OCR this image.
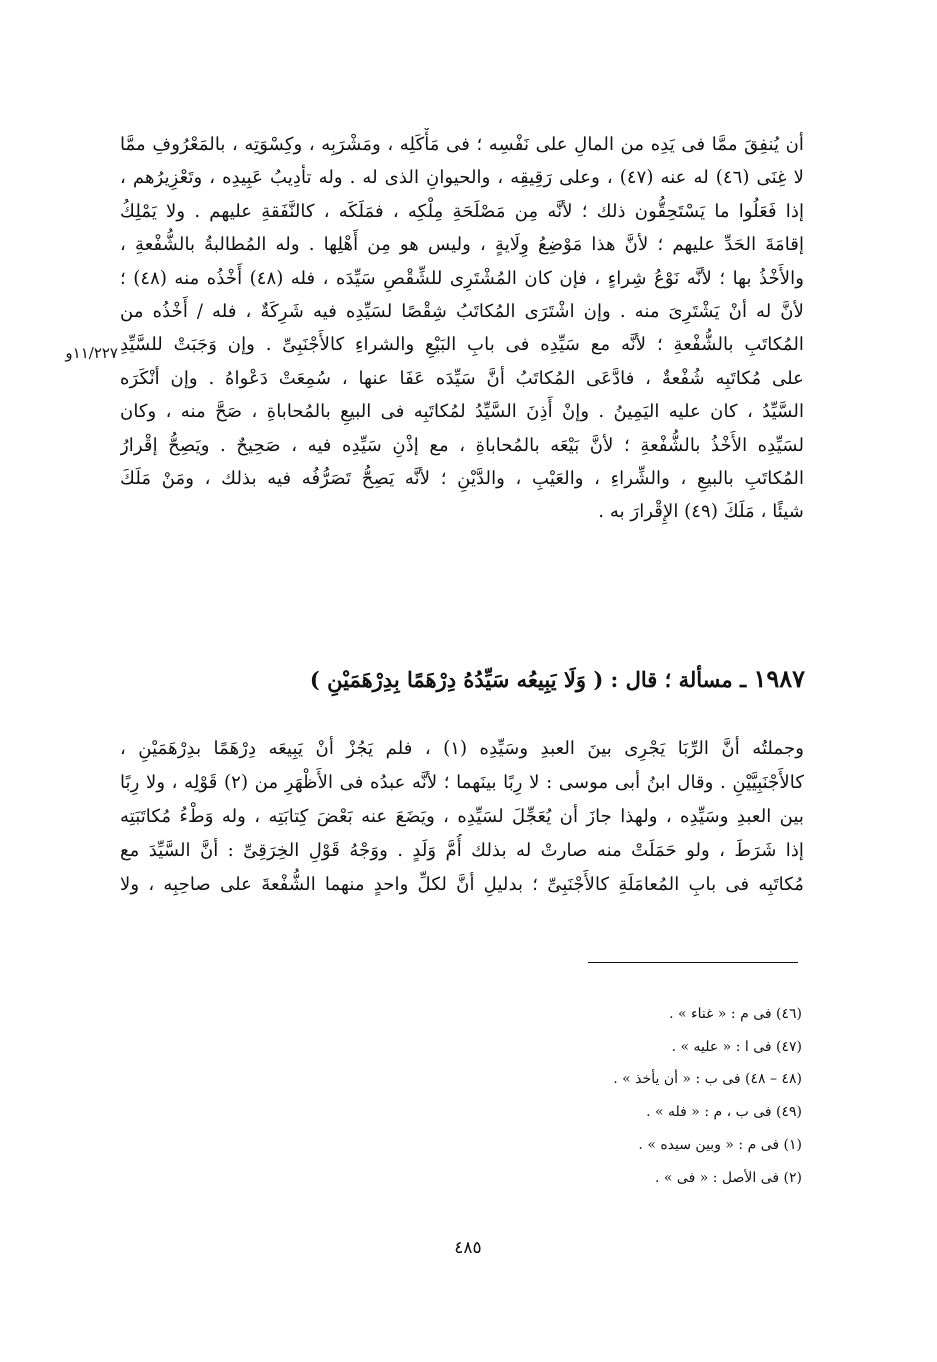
أن يُنفِقَ ممَّا فى يَدِه من المالِ على نَفْسِه ؛ فى مَأْكَلِه ، ومَشْرَبِه ، وكِسْوَتِه ، بالمَعْرُوفِ ممَّا
لا غِنَى (٤٦) له عنه (٤٧) ، وعلى رَقِيقِه ، والحيوانِ الذى له . وله تأدِيبُ عَبِيدِه ، وتَعْزِيرُهم ،
إذا فَعَلُوا ما يَسْتَحِقُّون ذلك ؛ لأنَّه مِن مَصْلَحَةِ مِلْكِه ، فمَلَكَه ، كالنَّفَقةِ عليهم . ولا يَمْلِكُ
إقامَةَ الحَدِّ عليهم ؛ لأنَّ هذا مَوْضِعُ وِلَايةٍ ، وليس هو مِن أَهْلِها . وله المُطالبةُ بالشُّفْعةِ ،
والأَخْذُ بها ؛ لأنَّه نَوْعُ شِراءٍ ، فإن كان المُشْتَرِى للشِّقْصِ سَيِّدَه ، فله (٤٨) أَخْذُه منه (٤٨) ؛
لأنَّ له أنْ يَشْتَرِىَ منه . وإن اشْتَرَى المُكاتَبُ شِقْصًا لسَيِّدِه فيه شَرِكَةٌ ، فله / أَخْذُه من
المُكاتَبِ بالشُّفْعةِ ؛ لأنَّه مع سَيِّدِه فى بابِ البَيْعِ والشراءِ كالأَجْنَبِىِّ . وإن وَجَبَتْ للسَّيِّدِ
على مُكاتَبِه شُفْعةٌ ، فادَّعَى المُكاتَبُ أنَّ سَيِّدَه عَفَا عنها ، سُمِعَتْ دَعْواهُ . وإن أنْكَرَه
السَّيِّدُ ، كان عليه اليَمِينُ . وإنْ أَذِنَ السَّيِّدُ لمُكاتَبِه فى البيعِ بالمُحاباةِ ، صَحَّ منه ، وكان
لسَيِّدِه الأَخْذُ بالشُّفْعةِ ؛ لأنَّ بَيْعَه بالمُحاباةِ ، مع إذْنِ سَيِّدِه فيه ، صَحِيحٌ . ويَصِحُّ إقْرارُ
المُكاتَبِ بالبيعِ ، والشِّراءِ ، والعَيْبِ ، والدَّيْنِ ؛ لأنَّه يَصِحُّ تَصَرُّفُه فيه بذلك ، ومَنْ مَلَكَ
شيئًا ، مَلَكَ (٤٩) الإِقْرارَ به .
١١/٢٢٧و
١٩٨٧ ـ مسألة ؛ قال : ( وَلَا يَبِيعُه سَيِّدُهُ دِرْهَمًا بِدِرْهَمَيْنِ )
وجملتُه أنَّ الرِّبَا يَجْرِى بينَ العبدِ وسَيِّدِه (١) ، فلم يَجُزْ أنْ يَبِيعَه دِرْهَمًا بدِرْهَمَيْنِ ،
كالأَجْنَبِيَّيْنِ . وقال ابنُ أبى موسى : لا رِبًا بينَهما ؛ لأنَّه عبدُه فى الأَظْهَرِ من (٢) قَوْلِه ، ولا رِبًا
بين العبدِ وسَيِّدِه ، ولهذا جازَ أن يُعَجِّلَ لسَيِّدِه ، ويَضَعَ عنه بَعْضَ كِتابَتِه ، وله وَطْءُ مُكاتَبَتِه
إذا شَرَطَ ، ولو حَمَلَتْ منه صارتْ له بذلك أُمَّ وَلَدٍ . ووَجْهُ قَوْلِ الخِرَقِىِّ : أنَّ السَّيِّدَ مع
مُكاتَبِه فى بابِ المُعامَلَةِ كالأَجْنَبِىِّ ؛ بدليلِ أنَّ لكلِّ واحدٍ منهما الشُّفْعةَ على صاحِبِه ، ولا
(٤٦) فى م : « غناء » .
(٤٧) فى ا : « عليه » .
(٤٨ – ٤٨) فى ب : « أن يأخذ » .
(٤٩) فى ب ، م : « فله » .
(١) فى م : « وبين سيده » .
(٢) فى الأصل : « فى » .
٤٨٥
